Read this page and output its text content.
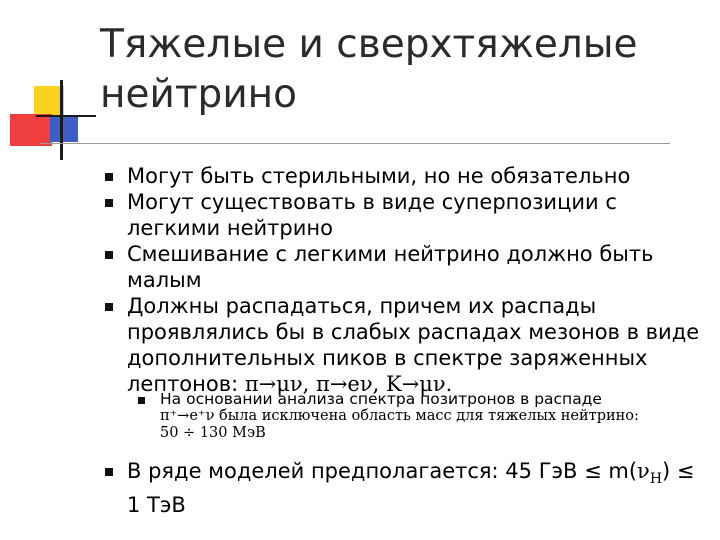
Тяжелые и сверхтяжелые
нейтрино
Могут быть стерильными, но не обязательно
Могут существовать в виде суперпозиции с
легкими нейтрино
Смешивание с легкими нейтрино должно быть
малым
Должны распадаться, причем их распады
проявлялись бы в слабых распадах мезонов в виде
дополнительных пиков в спектре заряженных
лептонов: π→μν, π→eν, K→μν.
На основании анализа спектра позитронов в распаде
π⁺→e⁺ν была исключена область масс для тяжелых нейтрино:
50 ÷ 130 МэВ
В ряде моделей предполагается: 45 ГэВ ≤ $m(\nu_H)$ ≤
1 ТэВ
